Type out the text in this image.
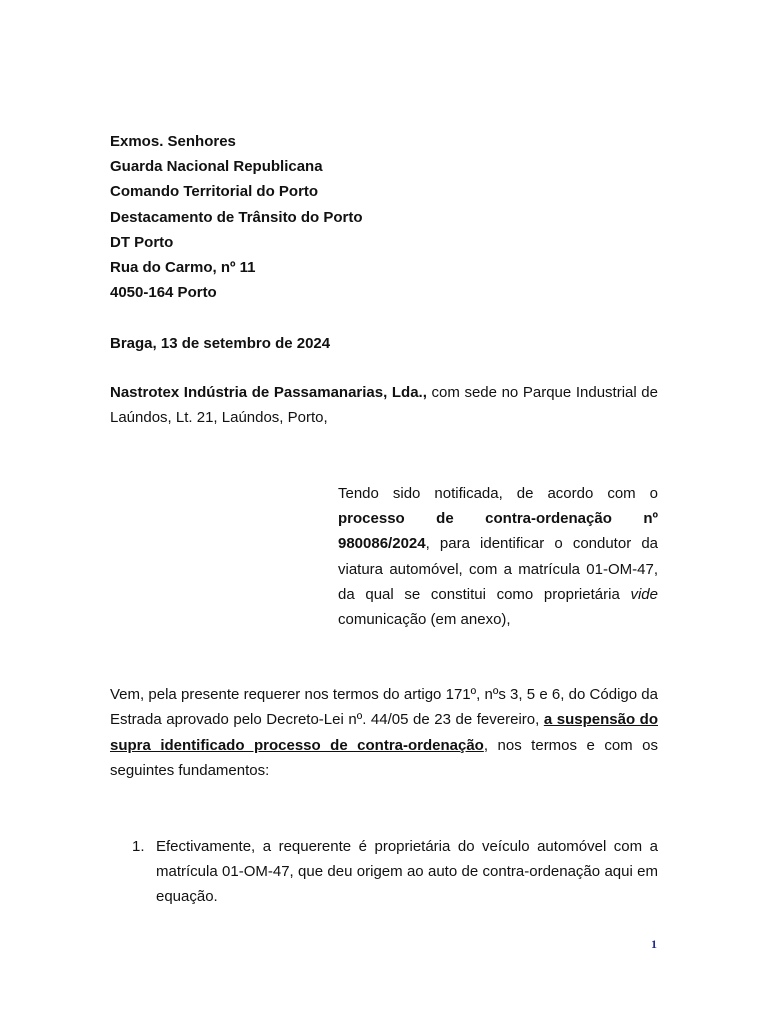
Exmos. Senhores
Guarda Nacional Republicana
Comando Territorial do Porto
Destacamento de Trânsito do Porto
DT Porto
Rua do Carmo, nº 11
4050-164 Porto
Braga, 13 de setembro de 2024
Nastrotex Indústria de Passamanarias, Lda., com sede no Parque Industrial de Laúndos, Lt. 21, Laúndos, Porto,
Tendo sido notificada, de acordo com o processo de contra-ordenação nº 980086/2024, para identificar o condutor da viatura automóvel, com a matrícula 01-OM-47, da qual se constitui como proprietária vide comunicação (em anexo),
Vem, pela presente requerer nos termos do artigo 171º, nºs 3, 5 e 6, do Código da Estrada aprovado pelo Decreto-Lei nº. 44/05 de 23 de fevereiro, a suspensão do supra identificado processo de contra-ordenação, nos termos e com os seguintes fundamentos:
1. Efectivamente, a requerente é proprietária do veículo automóvel com a matrícula 01-OM-47, que deu origem ao auto de contra-ordenação aqui em equação.
1
